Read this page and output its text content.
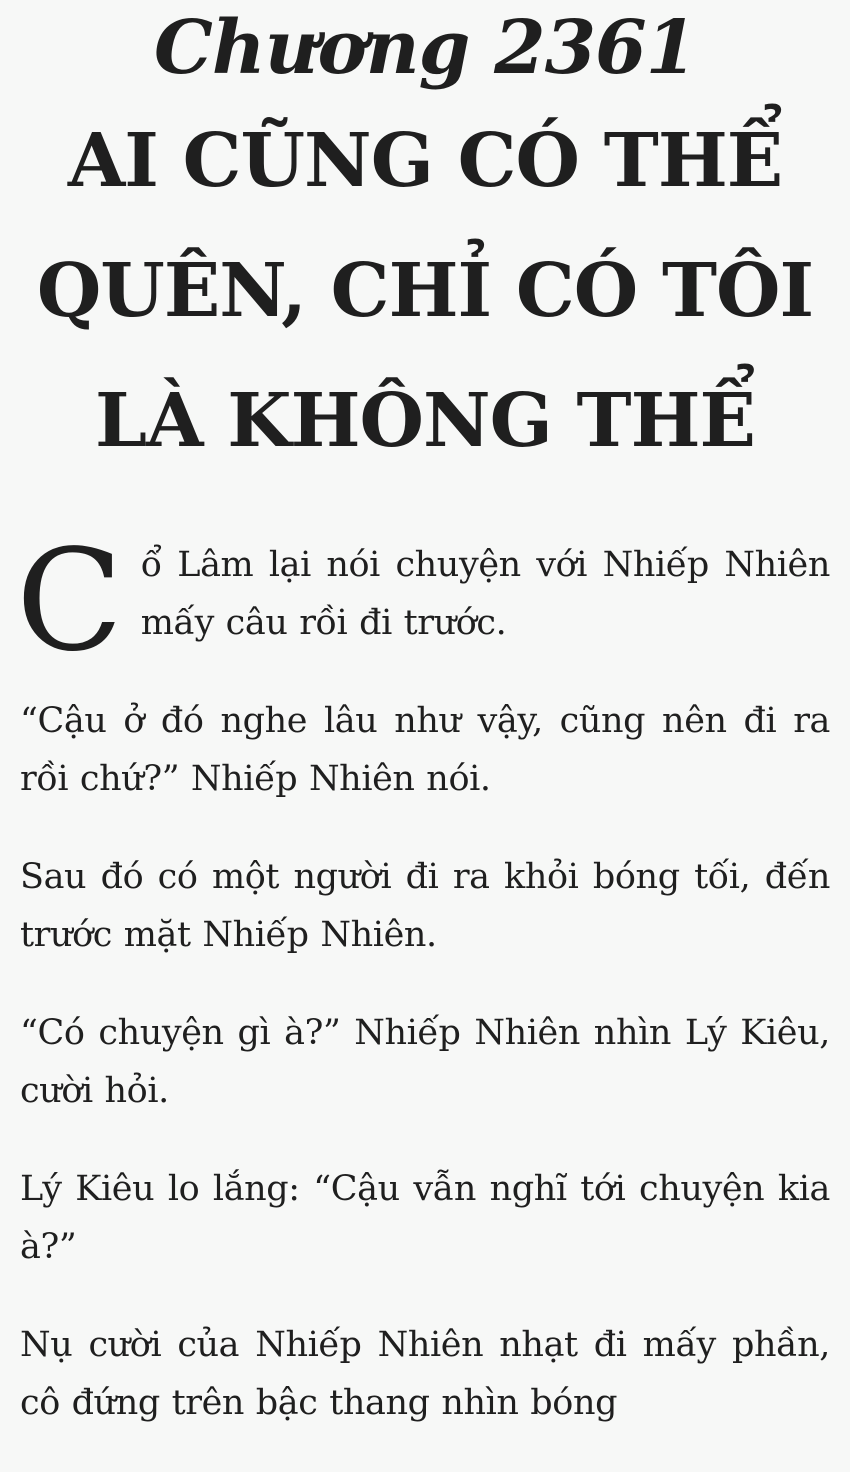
Chương 2361
AI CŨNG CÓ THỂ
QUÊN, CHỈ CÓ TÔI
LÀ KHÔNG THỂ

C ổ Lâm lại nói chuyện với Nhiếp Nhiên mấy câu rồi đi trước.

“Cậu ở đó nghe lâu như vậy, cũng nên đi ra rồi chứ?” Nhiếp Nhiên nói.

Sau đó có một người đi ra khỏi bóng tối, đến trước mặt Nhiếp Nhiên.

“Có chuyện gì à?” Nhiếp Nhiên nhìn Lý Kiêu, cười hỏi.

Lý Kiêu lo lắng: “Cậu vẫn nghĩ tới chuyện kia à?”

Nụ cười của Nhiếp Nhiên nhạt đi mấy phần, cô đứng trên bậc thang nhìn bóng
